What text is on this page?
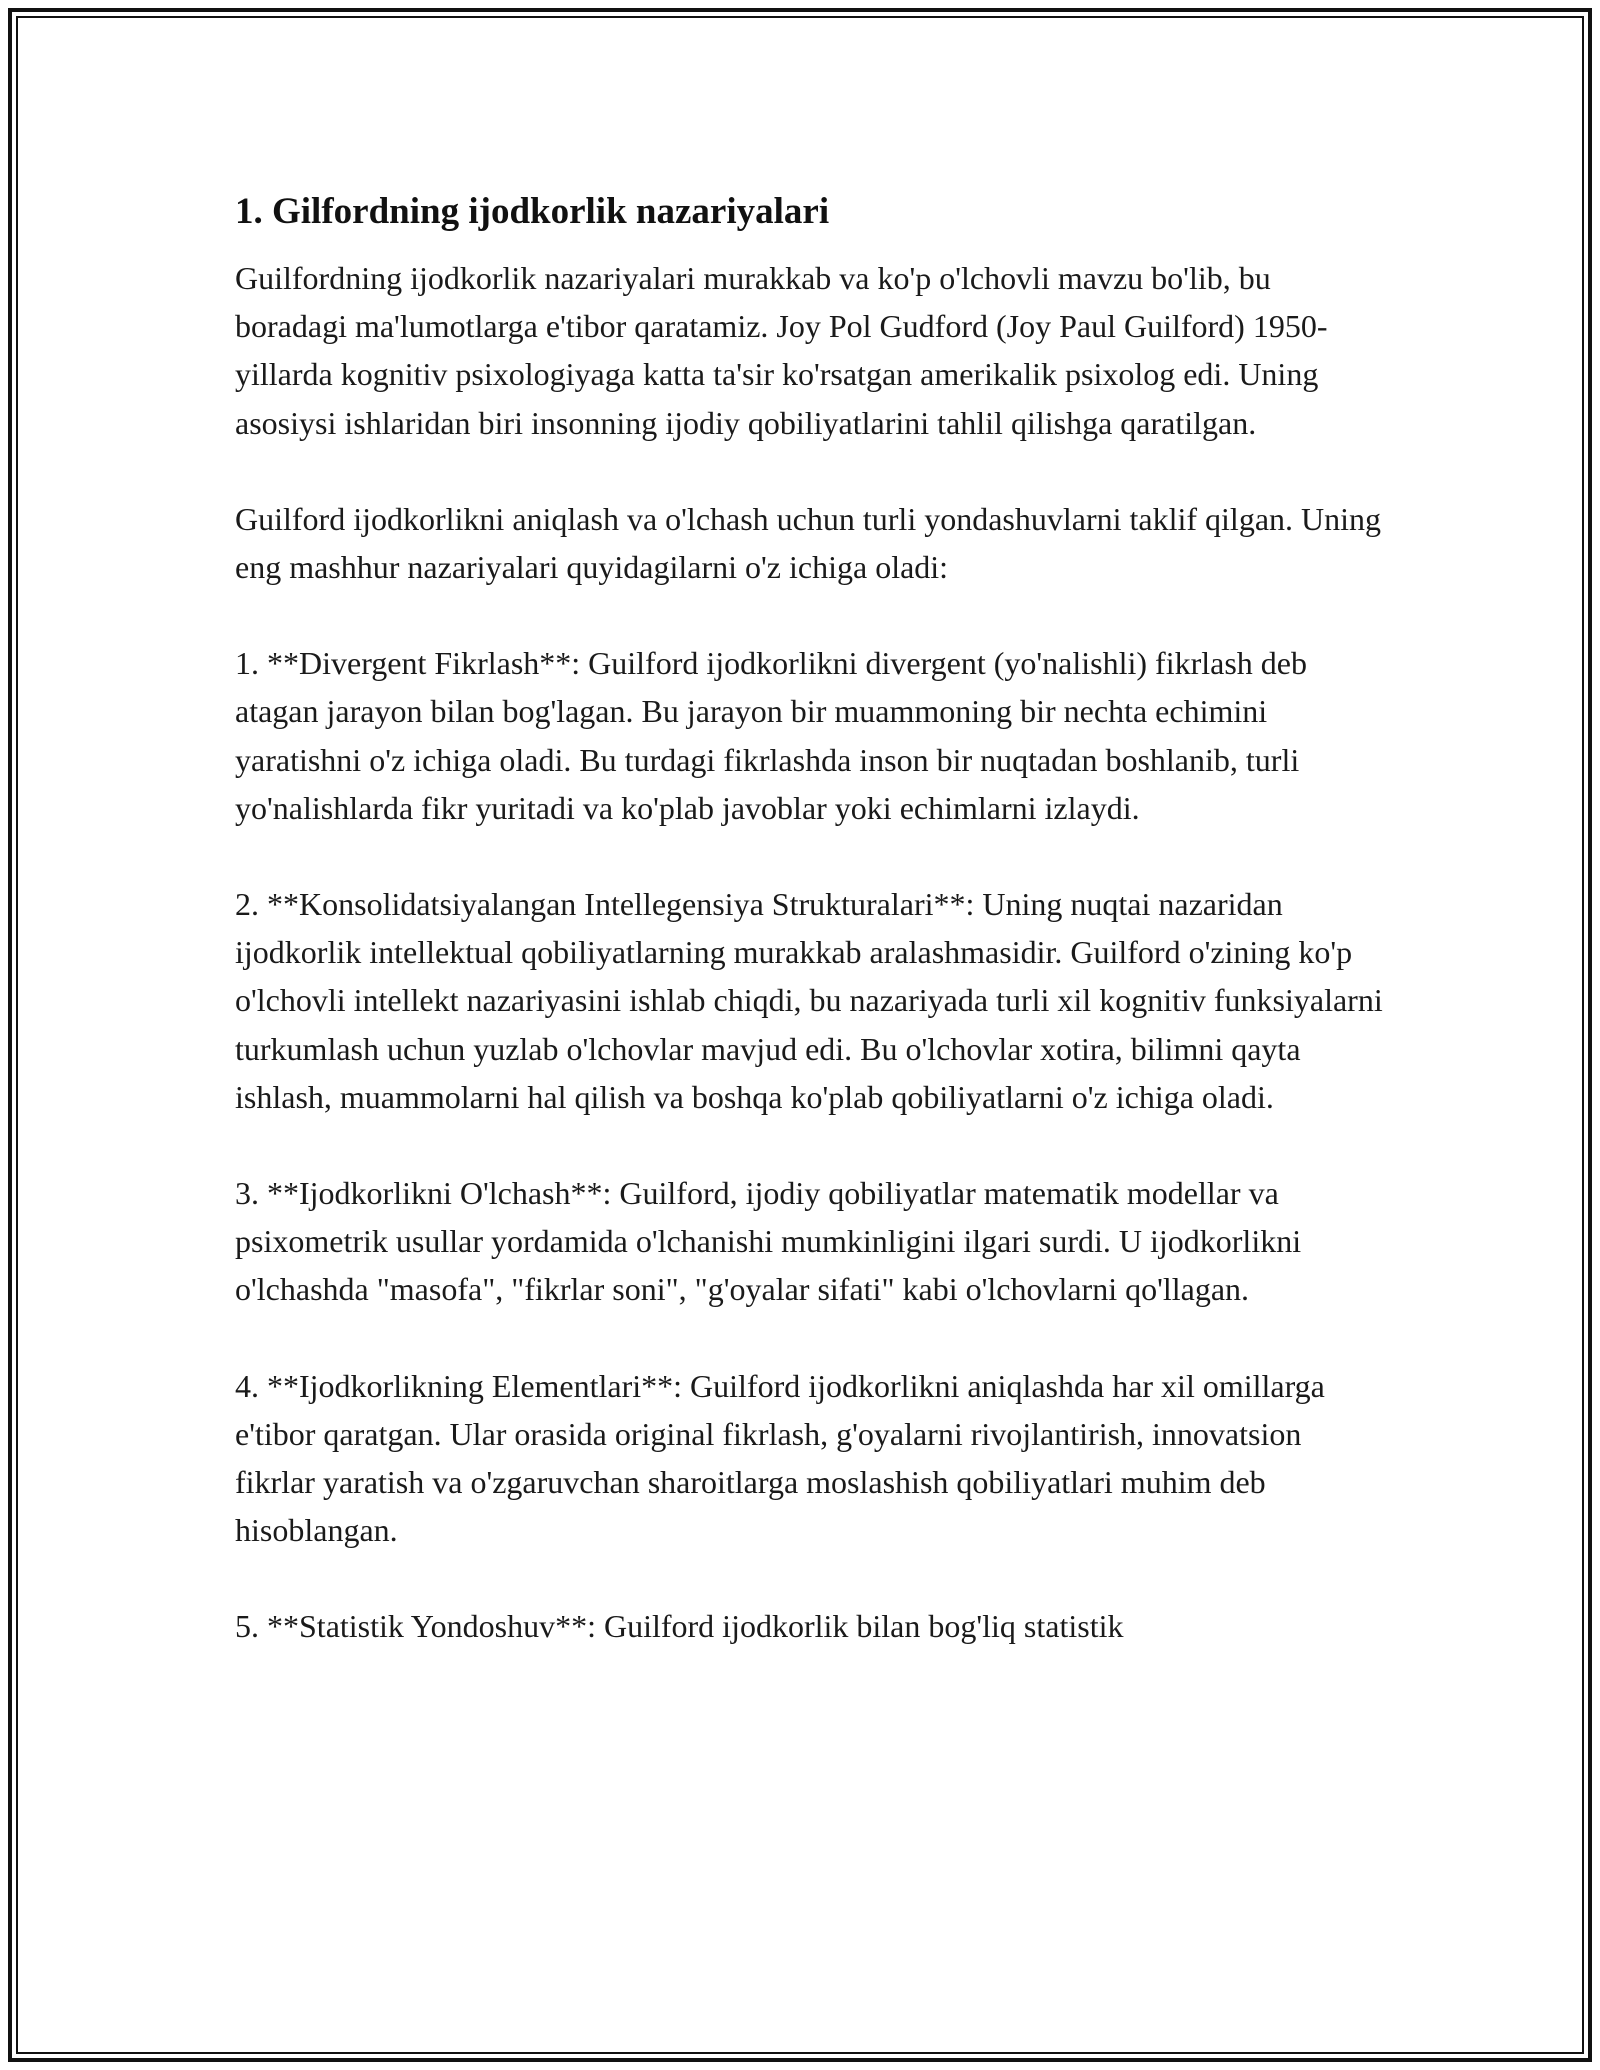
1. Gilfordning ijodkorlik nazariyalari

Guilfordning ijodkorlik nazariyalari murakkab va ko'p o'lchovli mavzu bo'lib, bu boradagi ma'lumotlarga e'tibor qaratamiz. Joy Pol Gudford (Joy Paul Guilford) 1950-yillarda kognitiv psixologiyaga katta ta'sir ko'rsatgan amerikalik psixolog edi. Uning asosiysi ishlaridan biri insonning ijodiy qobiliyatlarini tahlil qilishga qaratilgan.

Guilford ijodkorlikni aniqlash va o'lchash uchun turli yondashuvlarni taklif qilgan. Uning eng mashhur nazariyalari quyidagilarni o'z ichiga oladi:

1. **Divergent Fikrlash**: Guilford ijodkorlikni divergent (yo'nalishli) fikrlash deb atagan jarayon bilan bog'lagan. Bu jarayon bir muammoning bir nechta echimini yaratishni o'z ichiga oladi. Bu turdagi fikrlashda inson bir nuqtadan boshlanib, turli yo'nalishlarda fikr yuritadi va ko'plab javoblar yoki echimlarni izlaydi.

2. **Konsolidatsiyalangan Intellegensiya Strukturalari**: Uning nuqtai nazaridan ijodkorlik intellektual qobiliyatlarning murakkab aralashmasidir. Guilford o'zining ko'p o'lchovli intellekt nazariyasini ishlab chiqdi, bu nazariyada turli xil kognitiv funksiyalarni turkumlash uchun yuzlab o'lchovlar mavjud edi. Bu o'lchovlar xotira, bilimni qayta ishlash, muammolarni hal qilish va boshqa ko'plab qobiliyatlarni o'z ichiga oladi.

3. **Ijodkorlikni O'lchash**: Guilford, ijodiy qobiliyatlar matematik modellar va psixometrik usullar yordamida o'lchanishi mumkinligini ilgari surdi. U ijodkorlikni o'lchashda "masofa", "fikrlar soni", "g'oyalar sifati" kabi o'lchovlarni qo'llagan.

4. **Ijodkorlikning Elementlari**: Guilford ijodkorlikni aniqlashda har xil omillarga e'tibor qaratgan. Ular orasida original fikrlash, g'oyalarni rivojlantirish, innovatsion fikrlar yaratish va o'zgaruvchan sharoitlarga moslashish qobiliyatlari muhim deb hisoblangan.

5. **Statistik Yondoshuv**: Guilford ijodkorlik bilan bog'liq statistik
